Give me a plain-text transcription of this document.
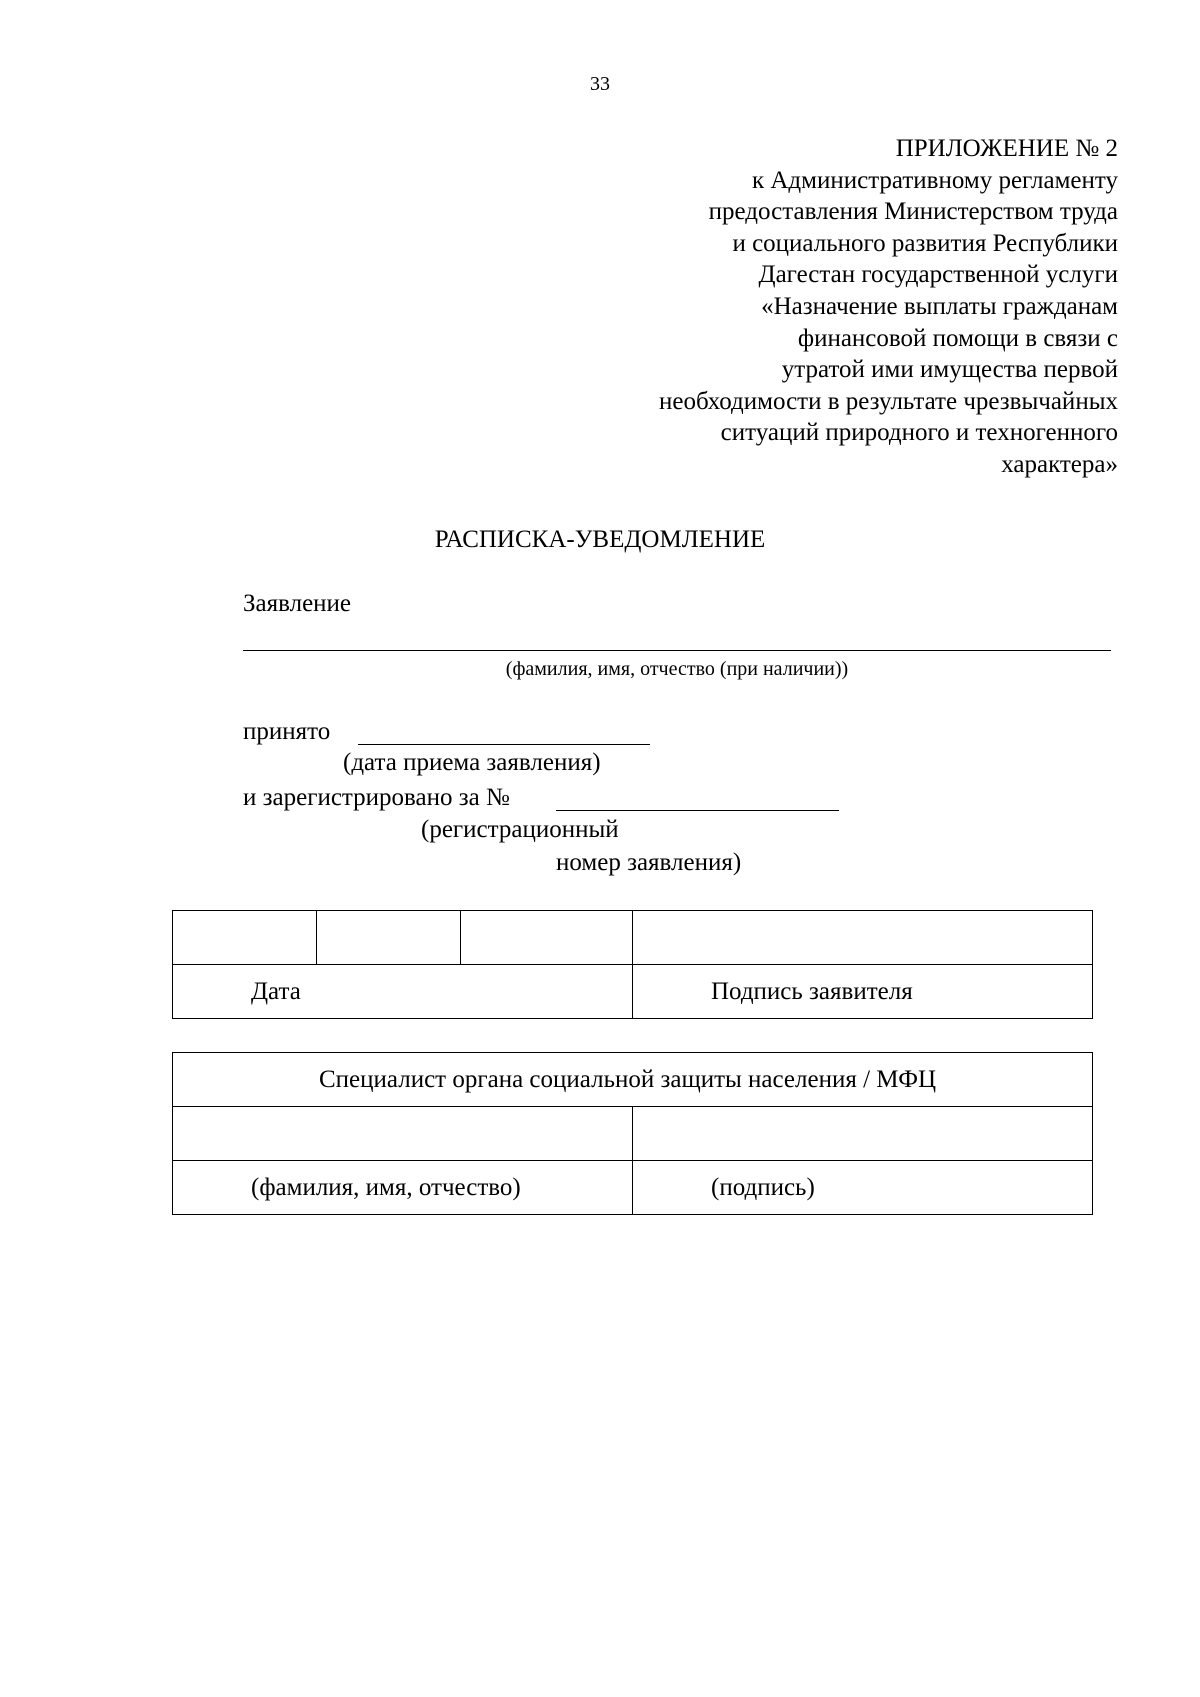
33
ПРИЛОЖЕНИЕ № 2
к Административному регламенту
предоставления Министерством труда
и социального развития Республики
Дагестан государственной услуги
«Назначение выплаты гражданам
финансовой помощи в связи с
утратой ими имущества первой
необходимости в результате чрезвычайных
ситуаций природного и техногенного
характера»
РАСПИСКА-УВЕДОМЛЕНИЕ
Заявление
(фамилия, имя, отчество (при наличии))
принято
(дата приема заявления)
и зарегистрировано за №
(регистрационный
номер заявления)

Дата			Подпись заявителя
Специалист органа социальной защиты населения / МФЦ	

(фамилия, имя, отчество)	(подпись)
